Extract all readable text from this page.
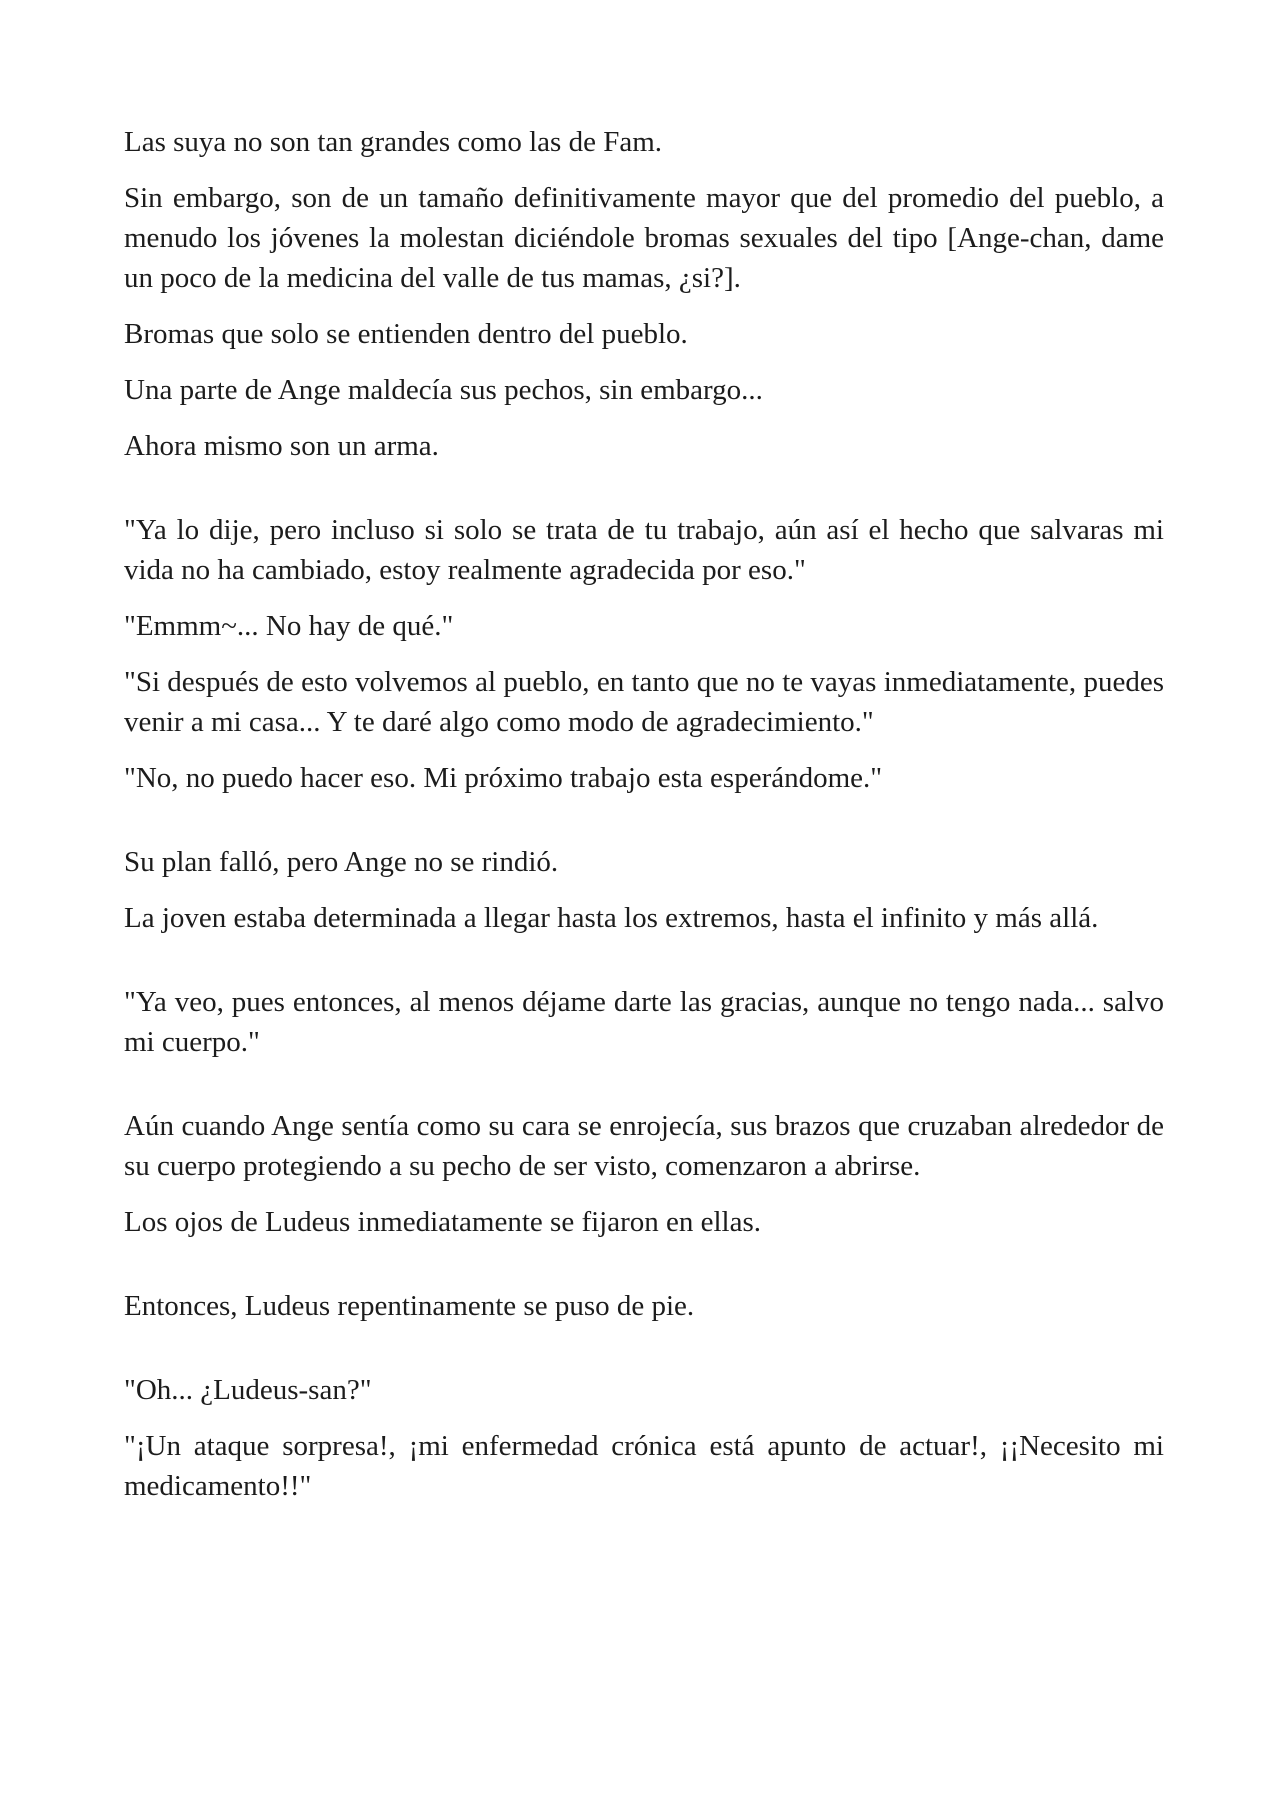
Las suya no son tan grandes como las de Fam.

Sin embargo, son de un tamaño definitivamente mayor que del promedio del pueblo, a menudo los jóvenes la molestan diciéndole bromas sexuales del tipo [Ange-chan, dame un poco de la medicina del valle de tus mamas, ¿si?].

Bromas que solo se entienden dentro del pueblo.

Una parte de Ange maldecía sus pechos, sin embargo...

Ahora mismo son un arma.

"Ya lo dije, pero incluso si solo se trata de tu trabajo, aún así el hecho que salvaras mi vida no ha cambiado, estoy realmente agradecida por eso."

"Emmm~... No hay de qué."

"Si después de esto volvemos al pueblo, en tanto que no te vayas inmediatamente, puedes venir a mi casa... Y te daré algo como modo de agradecimiento."

"No, no puedo hacer eso. Mi próximo trabajo esta esperándome."

Su plan falló, pero Ange no se rindió.

La joven estaba determinada a llegar hasta los extremos, hasta el infinito y más allá.

"Ya veo, pues entonces, al menos déjame darte las gracias, aunque no tengo nada... salvo mi cuerpo."

Aún cuando Ange sentía como su cara se enrojecía, sus brazos que cruzaban alrededor de su cuerpo protegiendo a su pecho de ser visto, comenzaron a abrirse.

Los ojos de Ludeus inmediatamente se fijaron en ellas.

Entonces, Ludeus repentinamente se puso de pie.

"Oh... ¿Ludeus-san?"

"¡Un ataque sorpresa!, ¡mi enfermedad crónica está apunto de actuar!, ¡¡Necesito mi medicamento!!"
